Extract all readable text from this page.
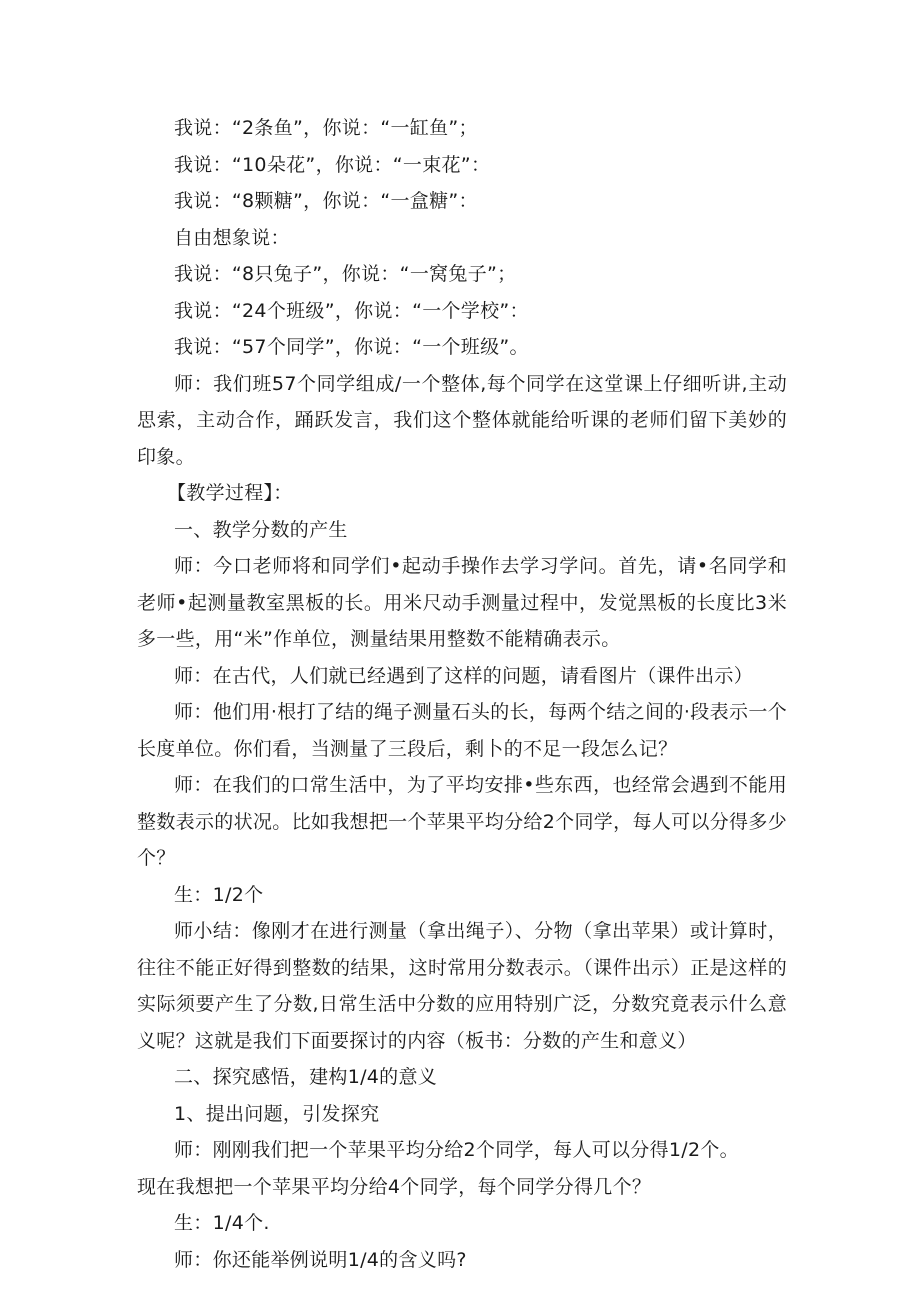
我说：“2条鱼”，你说：“一缸鱼”；

我说：“10朵花”，你说：“一束花”：

我说：“8颗糖”，你说：“一盒糖”：

自由想象说：

我说：“8只兔子”，你说：“一窝兔子”；

我说：“24个班级”，你说：“一个学校”：

我说：“57个同学”，你说：“一个班级”。

师：我们班57个同学组成/一个整体,每个同学在这堂课上仔细听讲,主动思索，主动合作，踊跃发言，我们这个整体就能给听课的老师们留下美妙的印象。

【教学过程】：

一、教学分数的产生

师：今口老师将和同学们•起动手操作去学习学问。首先，请•名同学和老师•起测量教室黑板的长。用米尺动手测量过程中，发觉黑板的长度比3米多一些，用“米”作单位，测量结果用整数不能精确表示。

师：在古代，人们就已经遇到了这样的问题，请看图片（课件出示）

师：他们用·根打了结的绳子测量石头的长，每两个结之间的·段表示一个长度单位。你们看，当测量了三段后，剩卜的不足一段怎么记？

师：在我们的口常生活中，为了平均安排•些东西，也经常会遇到不能用整数表示的状况。比如我想把一个苹果平均分给2个同学，每人可以分得多少个？

生：1/2个

师小结：像刚才在进行测量（拿出绳子）、分物（拿出苹果）或计算时，往往不能正好得到整数的结果，这时常用分数表示。（课件出示）正是这样的实际须要产生了分数,日常生活中分数的应用特别广泛，分数究竟表示什么意义呢？这就是我们下面要探讨的内容（板书：分数的产生和意义）

二、探究感悟，建构1/4的意义

1、提出问题，引发探究

师：刚刚我们把一个苹果平均分给2个同学，每人可以分得1/2个。

现在我想把一个苹果平均分给4个同学，每个同学分得几个？

生：1/4个.

师：你还能举例说明1/4的含义吗?
